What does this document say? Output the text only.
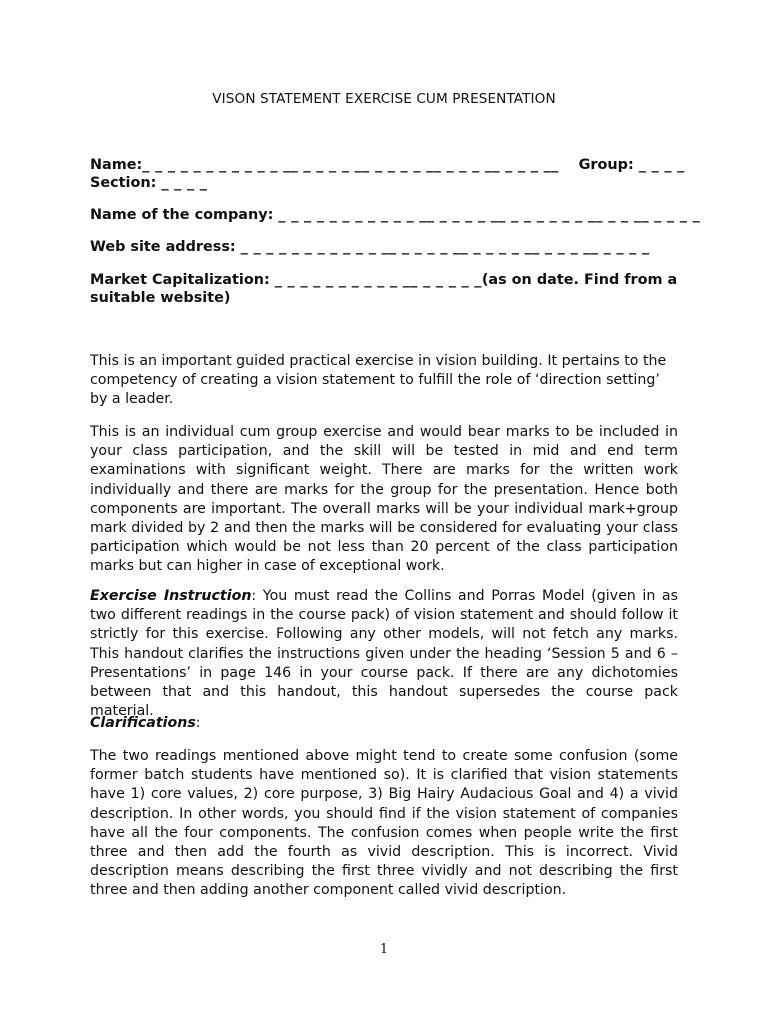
VISON STATEMENT EXERCISE CUM PRESENTATION
Name:_ _ _ _ _ _ _ _ _ _ _ __ _ _ _ _ __ _ _ _ _ __ _ _ _ __ _ _ _ __ Group: _ _ _ _
Section: _ _ _ _
Name of the company: _ _ _ _ _ _ _ _ _ _ _ __ _ _ _ _ __ _ _ _ _ _ _ __ _ _ __ _ _ _ _
Web site address: _ _ _ _ _ _ _ _ _ _ _ __ _ _ _ _ __ _ _ _ _ __ _ _ _ __ _ _ _ _
Market Capitalization: _ _ _ _ _ _ _ _ _ _ __ _ _ _ _ _(as on date. Find from a suitable website)

This is an important guided practical exercise in vision building. It pertains to the competency of creating a vision statement to fulfill the role of ‘direction setting’ by a leader.

This is an individual cum group exercise and would bear marks to be included in your class participation, and the skill will be tested in mid and end term examinations with significant weight. There are marks for the written work individually and there are marks for the group for the presentation. Hence both components are important. The overall marks will be your individual mark+group mark divided by 2 and then the marks will be considered for evaluating your class participation which would be not less than 20 percent of the class participation marks but can higher in case of exceptional work.

Exercise Instruction: You must read the Collins and Porras Model (given in as two different readings in the course pack) of vision statement and should follow it strictly for this exercise. Following any other models, will not fetch any marks. This handout clarifies the instructions given under the heading ‘Session 5 and 6 – Presentations’ in page 146 in your course pack. If there are any dichotomies between that and this handout, this handout supersedes the course pack material.

Clarifications:

The two readings mentioned above might tend to create some confusion (some former batch students have mentioned so). It is clarified that vision statements have 1) core values, 2) core purpose, 3) Big Hairy Audacious Goal and 4) a vivid description. In other words, you should find if the vision statement of companies have all the four components. The confusion comes when people write the first three and then add the fourth as vivid description. This is incorrect. Vivid description means describing the first three vividly and not describing the first three and then adding another component called vivid description.

1
